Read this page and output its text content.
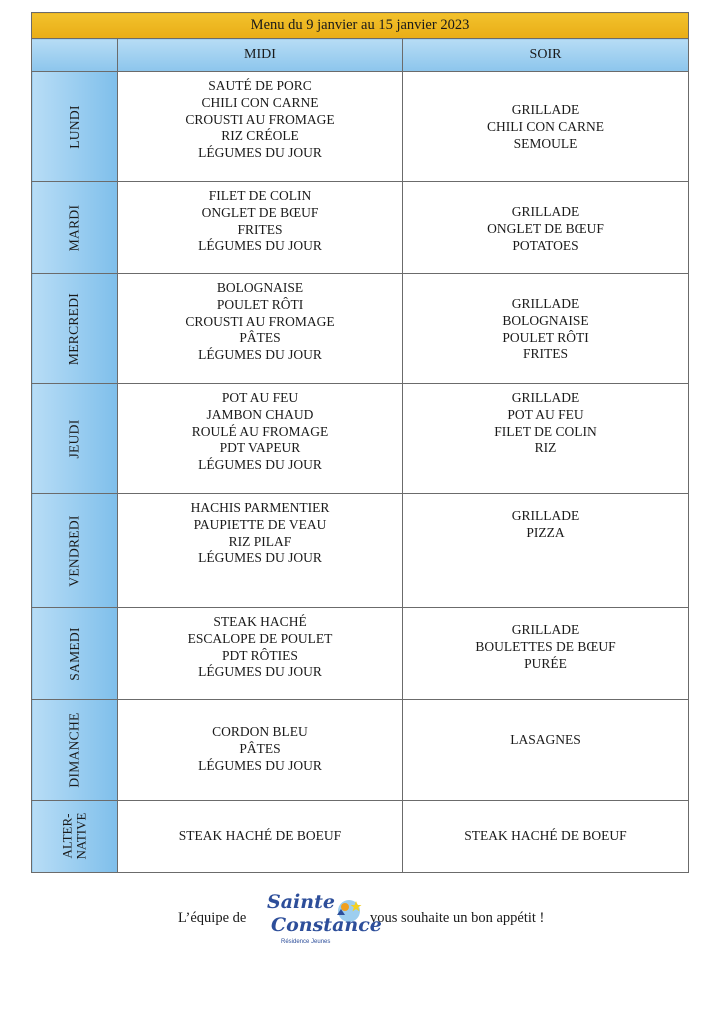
Menu du 9 janvier au 15 janvier 2023		
	MIDI	SOIR
LUNDI	SAUTÉ DE PORC
CHILI CON CARNE
CROUSTI AU FROMAGE
RIZ CRÉOLE
LÉGUMES DU JOUR	GRILLADE
CHILI CON CARNE
SEMOULE

MARDI	FILET DE COLIN
ONGLET DE BŒUF
FRITES
LÉGUMES DU JOUR	GRILLADE
ONGLET DE BŒUF
POTATOES

MERCREDI	BOLOGNAISE
POULET RÔTI
CROUSTI AU FROMAGE
PÂTES
LÉGUMES DU JOUR	GRILLADE
BOLOGNAISE
POULET RÔTI
FRITES

JEUDI	POT AU FEU
JAMBON CHAUD
ROULÉ AU FROMAGE
PDT VAPEUR
LÉGUMES DU JOUR	GRILLADE
POT AU FEU
FILET DE COLIN
RIZ

VENDREDI	HACHIS PARMENTIER
PAUPIETTE DE VEAU
RIZ PILAF
LÉGUMES DU JOUR	GRILLADE
PIZZA

SAMEDI	STEAK HACHÉ
ESCALOPE DE POULET
PDT RÔTIES
LÉGUMES DU JOUR	GRILLADE
BOULETTES DE BŒUF
PURÉE

DIMANCHE	CORDON BLEU
PÂTES
LÉGUMES DU JOUR	LASAGNES

ALTER-
NATIVE	STEAK HACHÉ DE BOEUF	STEAK HACHÉ DE BOEUF
L’équipe de
Sainte
Constance
Résidence Jeunes
vous souhaite un bon appétit !
